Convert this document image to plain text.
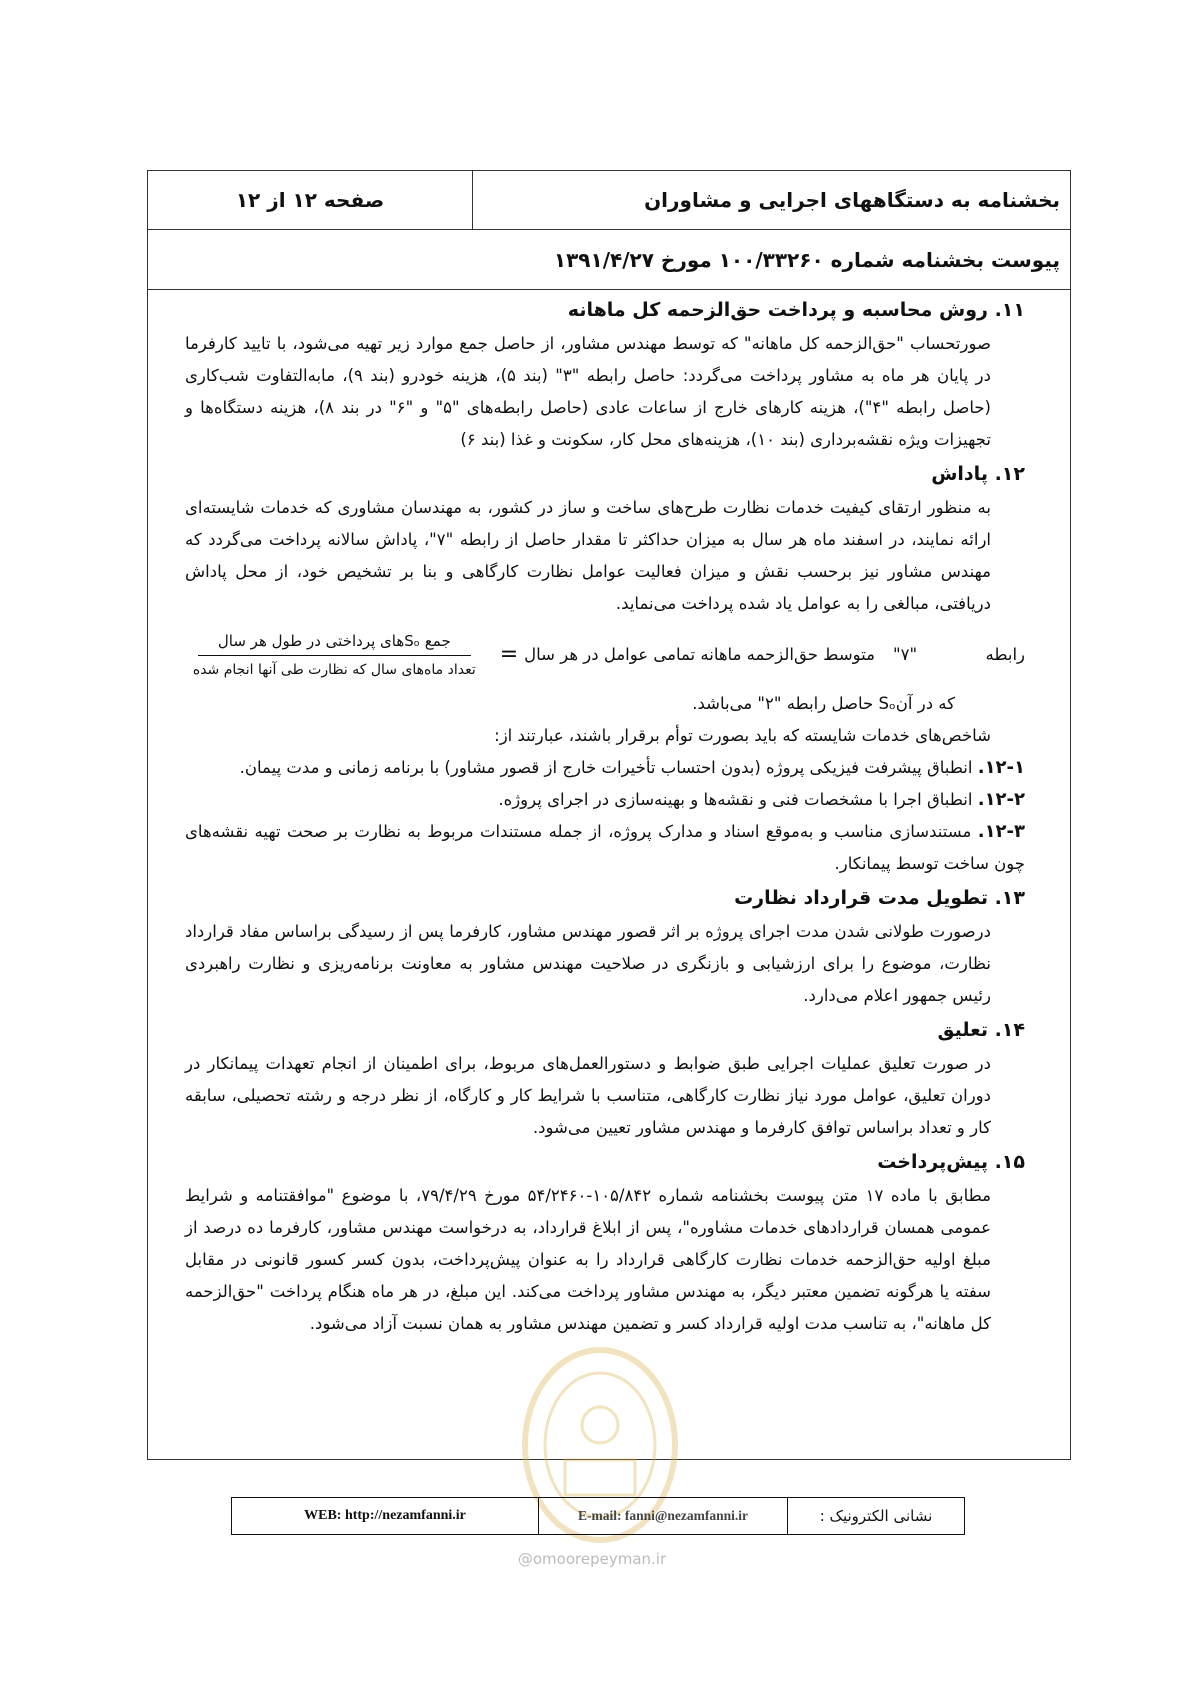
بخشنامه به دستگاههای اجرایی و مشاوران
صفحه ۱۲ از ۱۲
پیوست بخشنامه شماره ۱۰۰/۳۳۲۶۰ مورخ ۱۳۹۱/۴/۲۷

۱۱. روش محاسبه و پرداخت حق‌الزحمه کل ماهانه

صورتحساب "حق‌الزحمه کل ماهانه" که توسط مهندس مشاور، از حاصل جمع موارد زیر تهیه می‌شود، با تایید کارفرما در پایان هر ماه به مشاور پرداخت می‌گردد: حاصل رابطه "۳" (بند ۵)، هزینه خودرو (بند ۹)، مابه‌التفاوت شب‌کاری (حاصل رابطه "۴")، هزینه کارهای خارج از ساعات عادی (حاصل رابطه‌های "۵" و "۶" در بند ۸)، هزینه دستگاه‌ها و تجهیزات ویژه نقشه‌برداری (بند ۱۰)، هزینه‌های محل کار، سکونت و غذا (بند ۶)

۱۲. پاداش

به منظور ارتقای کیفیت خدمات نظارت طرح‌های ساخت و ساز در کشور، به مهندسان مشاوری که خدمات شایسته‌ای ارائه نمایند، در اسفند ماه هر سال به میزان حداکثر تا مقدار حاصل از رابطه "۷"، پاداش سالانه پرداخت می‌گردد که مهندس مشاور نیز برحسب نقش و میزان فعالیت عوامل نظارت کارگاهی و بنا بر تشخیص خود، از محل پاداش دریافتی، مبالغی را به عوامل یاد شده پرداخت می‌نماید.

رابطه
"۷"
متوسط حق‌الزحمه ماهانه تمامی عوامل در هر سال
=
$\frac{\text{جمع Sₒهای پرداختی در طول هر سال}}{\text{تعداد ماه‌های سال که نظارت طی آنها انجام شده}}$

که در آنSₒ حاصل رابطه "۲" می‌باشد.

شاخص‌های خدمات شایسته که باید بصورت توأم برقرار باشند، عبارتند از:

۱۲-۱. انطباق پیشرفت فیزیکی پروژه (بدون احتساب تأخیرات خارج از قصور مشاور) با برنامه زمانی و مدت پیمان.

۱۲-۲. انطباق اجرا با مشخصات فنی و نقشه‌ها و بهینه‌سازی در اجرای پروژه.

۱۲-۳. مستندسازی مناسب و به‌موقع اسناد و مدارک پروژه، از جمله مستندات مربوط به نظارت بر صحت تهیه نقشه‌های چون ساخت توسط پیمانکار.

۱۳. تطویل مدت قرارداد نظارت

درصورت طولانی شدن مدت اجرای پروژه بر اثر قصور مهندس مشاور، کارفرما پس از رسیدگی براساس مفاد قرارداد نظارت، موضوع را برای ارزشیابی و بازنگری در صلاحیت مهندس مشاور به معاونت برنامه‌ریزی و نظارت راهبردی رئیس جمهور اعلام می‌دارد.

۱۴. تعلیق

در صورت تعلیق عملیات اجرایی طبق ضوابط و دستورالعمل‌های مربوط، برای اطمینان از انجام تعهدات پیمانکار در دوران تعلیق، عوامل مورد نیاز نظارت کارگاهی، متناسب با شرایط کار و کارگاه، از نظر درجه و رشته تحصیلی، سابقه کار و تعداد براساس توافق کارفرما و مهندس مشاور تعیین می‌شود.

۱۵. پیش‌پرداخت

مطابق با ماده ۱۷ متن پیوست بخشنامه شماره ۱۰۵/۸۴۲-۵۴/۲۴۶۰ مورخ ۷۹/۴/۲۹، با موضوع "موافقتنامه و شرایط عمومی همسان قراردادهای خدمات مشاوره"، پس از ابلاغ قرارداد، به درخواست مهندس مشاور، کارفرما ده درصد از مبلغ اولیه حق‌الزحمه خدمات نظارت کارگاهی قرارداد را به عنوان پیش‌پرداخت، بدون کسر کسور قانونی در مقابل سفته یا هرگونه تضمین معتبر دیگر، به مهندس مشاور پرداخت می‌کند. این مبلغ، در هر ماه هنگام پرداخت "حق‌الزحمه کل ماهانه"، به تناسب مدت اولیه قرارداد کسر و تضمین مهندس مشاور به همان نسبت آزاد می‌شود.

نشانی الکترونیک :
E-mail: fanni@nezamfanni.ir
WEB: http://nezamfanni.ir
@omoorepeyman.ir
